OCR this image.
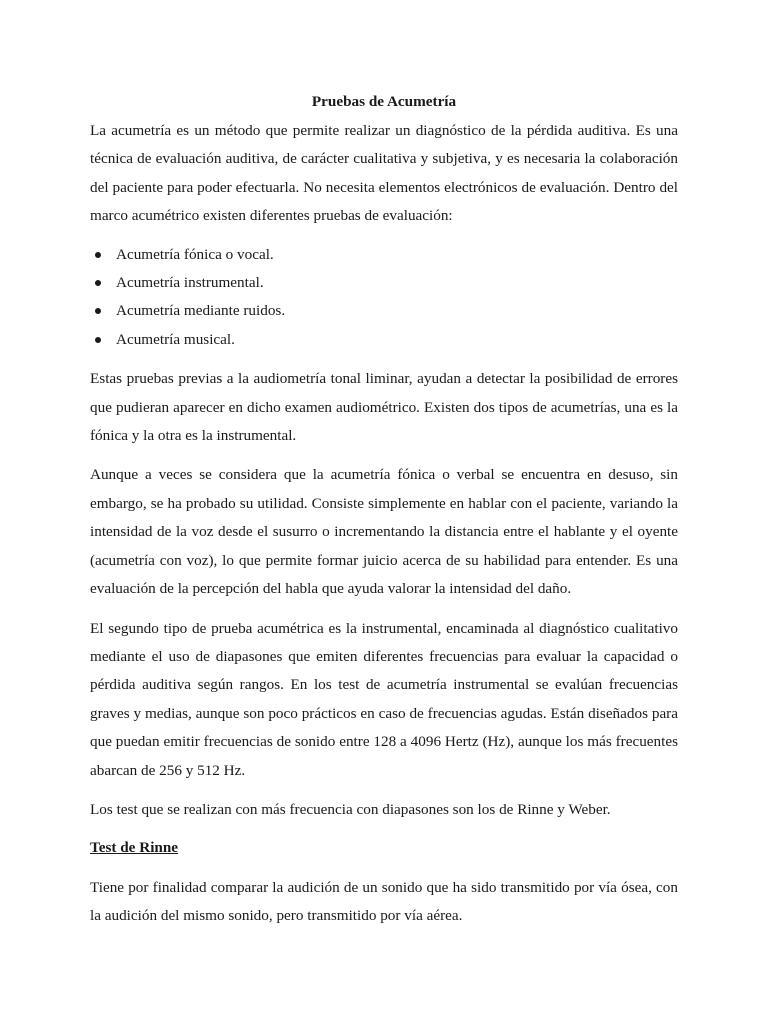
Pruebas de Acumetría

La acumetría es un método que permite realizar un diagnóstico de la pérdida auditiva. Es una técnica de evaluación auditiva, de carácter cualitativa y subjetiva, y es necesaria la colaboración del paciente para poder efectuarla. No necesita elementos electrónicos de evaluación. Dentro del marco acumétrico existen diferentes pruebas de evaluación:

Acumetría fónica o vocal.
Acumetría instrumental.
Acumetría mediante ruidos.
Acumetría musical.

Estas pruebas previas a la audiometría tonal liminar, ayudan a detectar la posibilidad de errores que pudieran aparecer en dicho examen audiométrico. Existen dos tipos de acumetrías, una es la fónica y la otra es la instrumental.

Aunque a veces se considera que la acumetría fónica o verbal se encuentra en desuso, sin embargo, se ha probado su utilidad. Consiste simplemente en hablar con el paciente, variando la intensidad de la voz desde el susurro o incrementando la distancia entre el hablante y el oyente (acumetría con voz), lo que permite formar juicio acerca de su habilidad para entender. Es una evaluación de la percepción del habla que ayuda valorar la intensidad del daño.

El segundo tipo de prueba acumétrica es la instrumental, encaminada al diagnóstico cualitativo mediante el uso de diapasones que emiten diferentes frecuencias para evaluar la capacidad o pérdida auditiva según rangos. En los test de acumetría instrumental se evalúan frecuencias graves y medias, aunque son poco prácticos en caso de frecuencias agudas. Están diseñados para que puedan emitir frecuencias de sonido entre 128 a 4096 Hertz (Hz), aunque los más frecuentes abarcan de 256 y 512 Hz.

Los test que se realizan con más frecuencia con diapasones son los de Rinne y Weber.

Test de Rinne

Tiene por finalidad comparar la audición de un sonido que ha sido transmitido por vía ósea, con la audición del mismo sonido, pero transmitido por vía aérea.
